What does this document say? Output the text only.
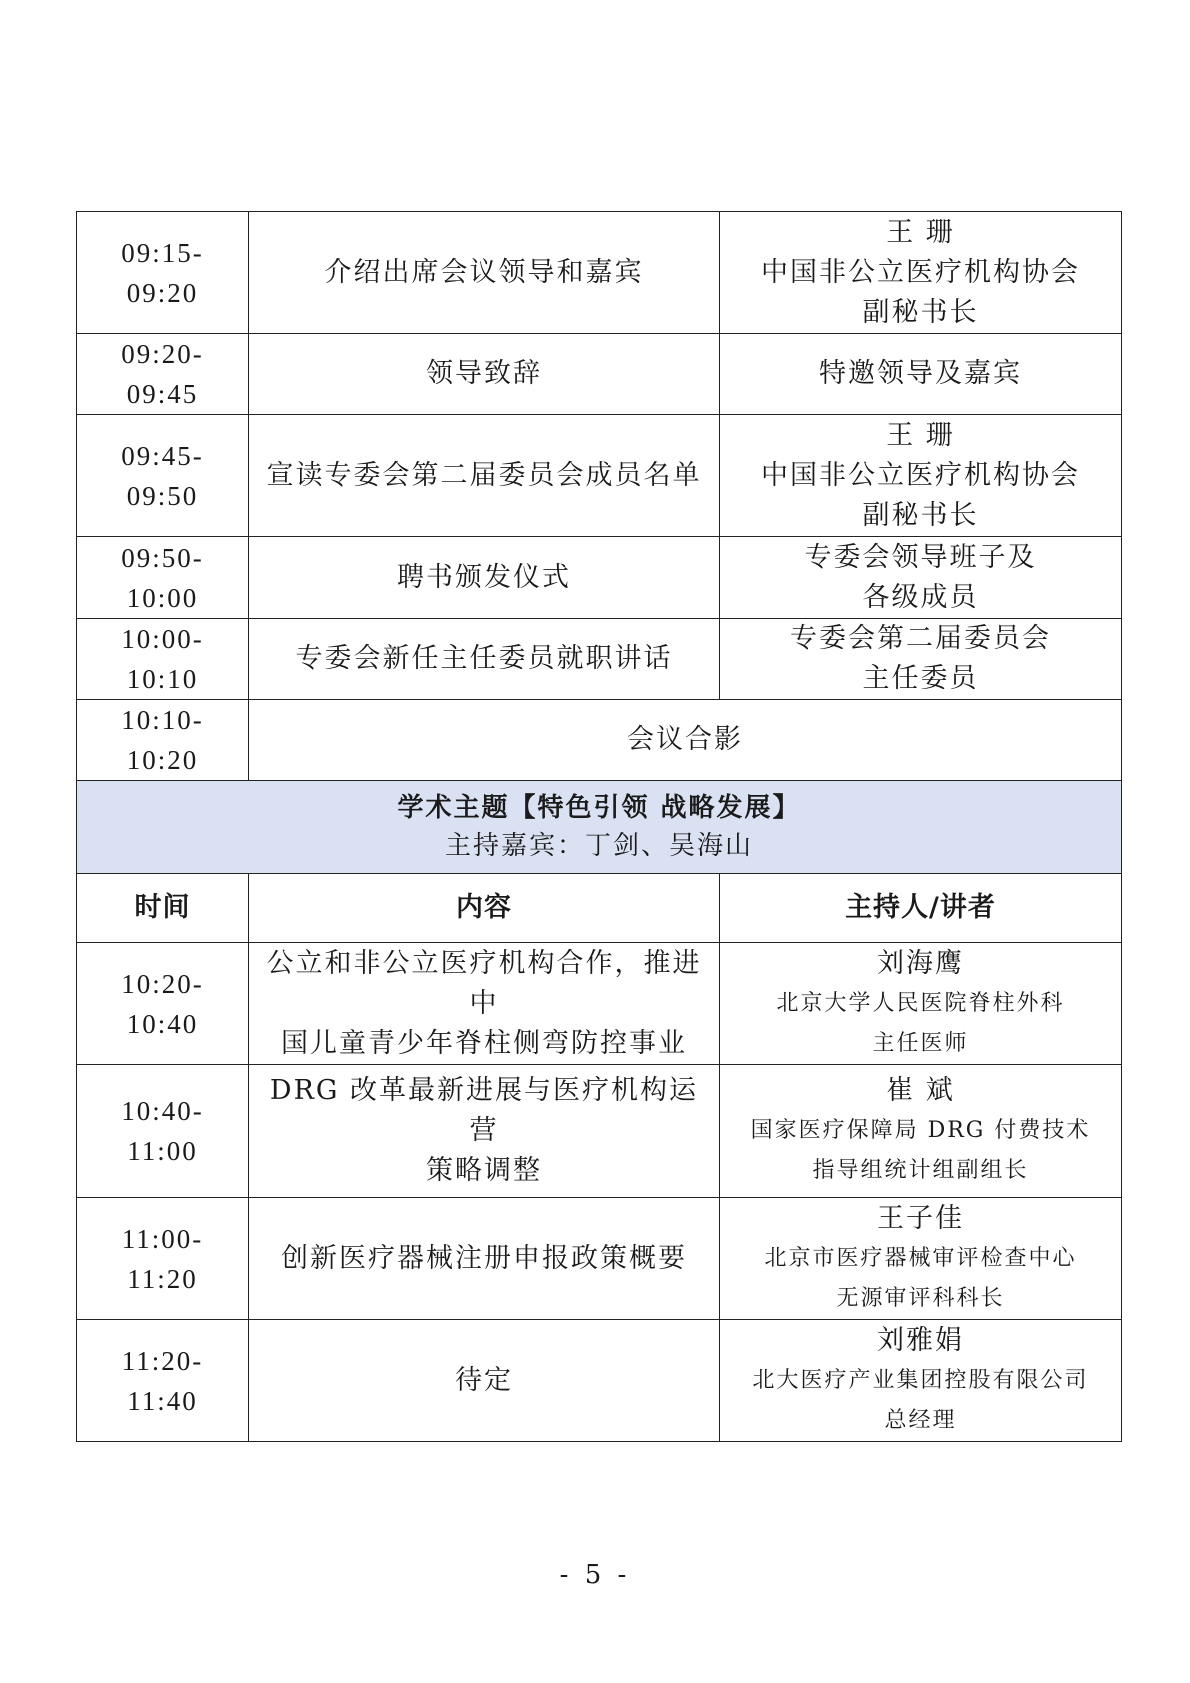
09:15-09:20	介绍出席会议领导和嘉宾	王 珊
中国非公立医疗机构协会
副秘书长

09:20-09:45	领导致辞	特邀领导及嘉宾

09:45-09:50	宣读专委会第二届委员会成员名单	王 珊
中国非公立医疗机构协会
副秘书长

09:50-10:00	聘书颁发仪式	专委会领导班子及
各级成员

10:00-10:10	专委会新任主任委员就职讲话	专委会第二届委员会
主任委员

10:10-10:20	会议合影	

学术主题【特色引领 战略发展】
主持嘉宾：丁剑、吴海山		

时间	内容	主持人/讲者
10:20-10:40	公立和非公立医疗机构合作，推进中
国儿童青少年脊柱侧弯防控事业	刘海鹰
北京大学人民医院脊柱外科
主任医师

10:40-11:00	DRG 改革最新进展与医疗机构运营
策略调整	崔 斌
国家医疗保障局 DRG 付费技术
指导组统计组副组长

11:00-11:20	创新医疗器械注册申报政策概要	王子佳
北京市医疗器械审评检查中心
无源审评科科长

11:20-11:40	待定	刘雅娟
北大医疗产业集团控股有限公司
总经理
- 5 -
